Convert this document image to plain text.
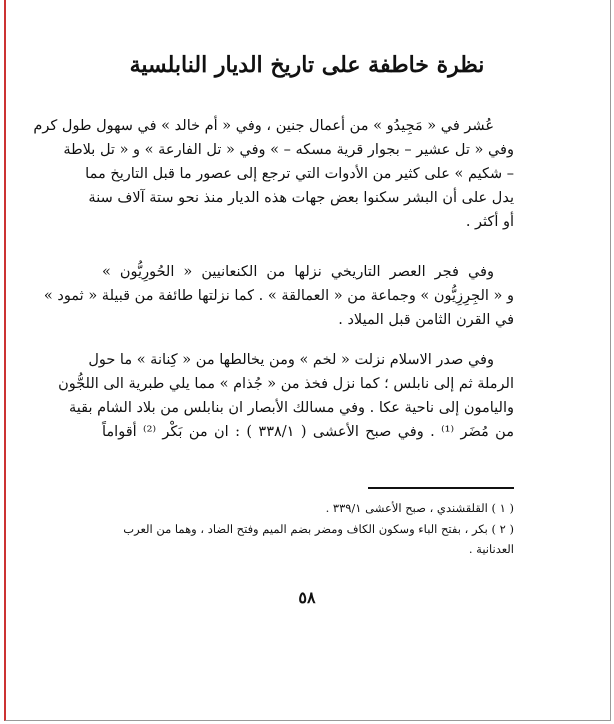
نظرة خاطفة على تاريخ الديار النابلسية
عُشر في « مَجِيدُو » من أعمال جنين ، وفي « أم خالد » في سهول طول كرم
وفي « تل عشير – بجوار قرية مسكه – » وفي « تل الفارعة » و « تل بلاطة
– شكيم » على كثير من الأدوات التي ترجع إلى عصور ما قبل التاريخ مما
يدل على أن البشر سكنوا بعض جهات هذه الديار منذ نحو ستة آلاف سنة
أو أكثر .
وفي فجر العصر التاريخي نزلها من الكنعانيين « الحُورِيُّون »
و « الجِرِزِيُّون » وجماعة من « العمالقة » . كما نزلتها طائفة من قبيلة « ثمود »
في القرن الثامن قبل الميلاد .
وفي صدر الاسلام نزلت « لخم » ومن يخالطها من « كِنانة » ما حول
الرملة ثم إلى نابلس ؛ كما نزل فخذ من « جُذام » مما يلي طبرية الى اللجُّون
واليامون إلى ناحية عكا . وفي مسالك الأبصار ان بنابلس من بلاد الشام بقية
من مُضَر ⁽¹⁾ . وفي صبح الأعشى ( ٣٣٨/١ ) : ان من بَكْر ⁽²⁾ أقواماً
( ١ ) القلقشندي ، صبح الأعشى ٣٣٩/١ .
( ٢ ) بكر ، بفتح الباء وسكون الكاف ومضر بضم الميم وفتح الضاد ، وهما من العرب
العدنانية .
٥٨
